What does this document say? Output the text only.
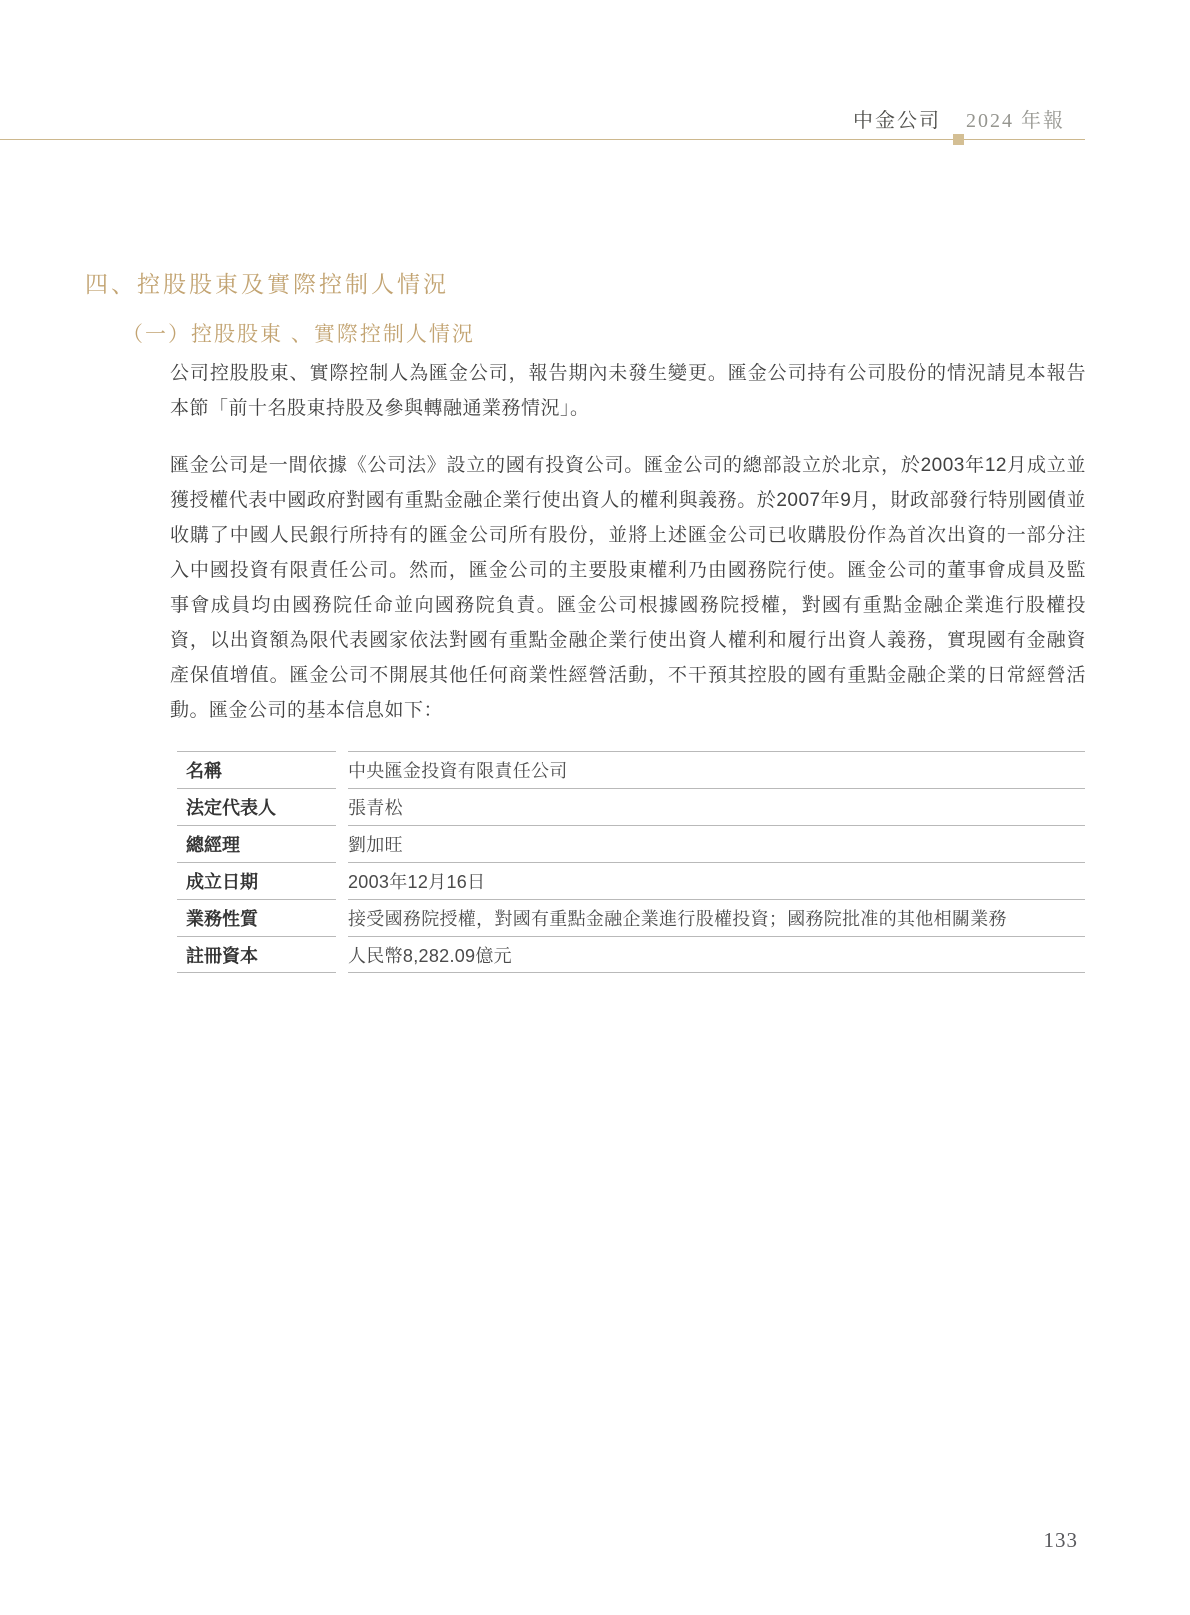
中金公司 2024 年報
四、控股股東及實際控制人情況
（一）控股股東 、實際控制人情況
公司控股股東、實際控制人為匯金公司，報告期內未發生變更。匯金公司持有公司股份的情況請見本報告本節「前十名股東持股及參與轉融通業務情況」。
匯金公司是一間依據《公司法》設立的國有投資公司。匯金公司的總部設立於北京，於2003年12月成立並獲授權代表中國政府對國有重點金融企業行使出資人的權利與義務。於2007年9月，財政部發行特別國債並收購了中國人民銀行所持有的匯金公司所有股份，並將上述匯金公司已收購股份作為首次出資的一部分注入中國投資有限責任公司。然而，匯金公司的主要股東權利乃由國務院行使。匯金公司的董事會成員及監事會成員均由國務院任命並向國務院負責。匯金公司根據國務院授權，對國有重點金融企業進行股權投資，以出資額為限代表國家依法對國有重點金融企業行使出資人權利和履行出資人義務，實現國有金融資產保值增值。匯金公司不開展其他任何商業性經營活動，不干預其控股的國有重點金融企業的日常經營活動。匯金公司的基本信息如下：
名稱	中央匯金投資有限責任公司
法定代表人	張青松
總經理	劉加旺
成立日期	2003年12月16日
業務性質	接受國務院授權，對國有重點金融企業進行股權投資；國務院批准的其他相關業務
註冊資本	人民幣8,282.09億元
133
